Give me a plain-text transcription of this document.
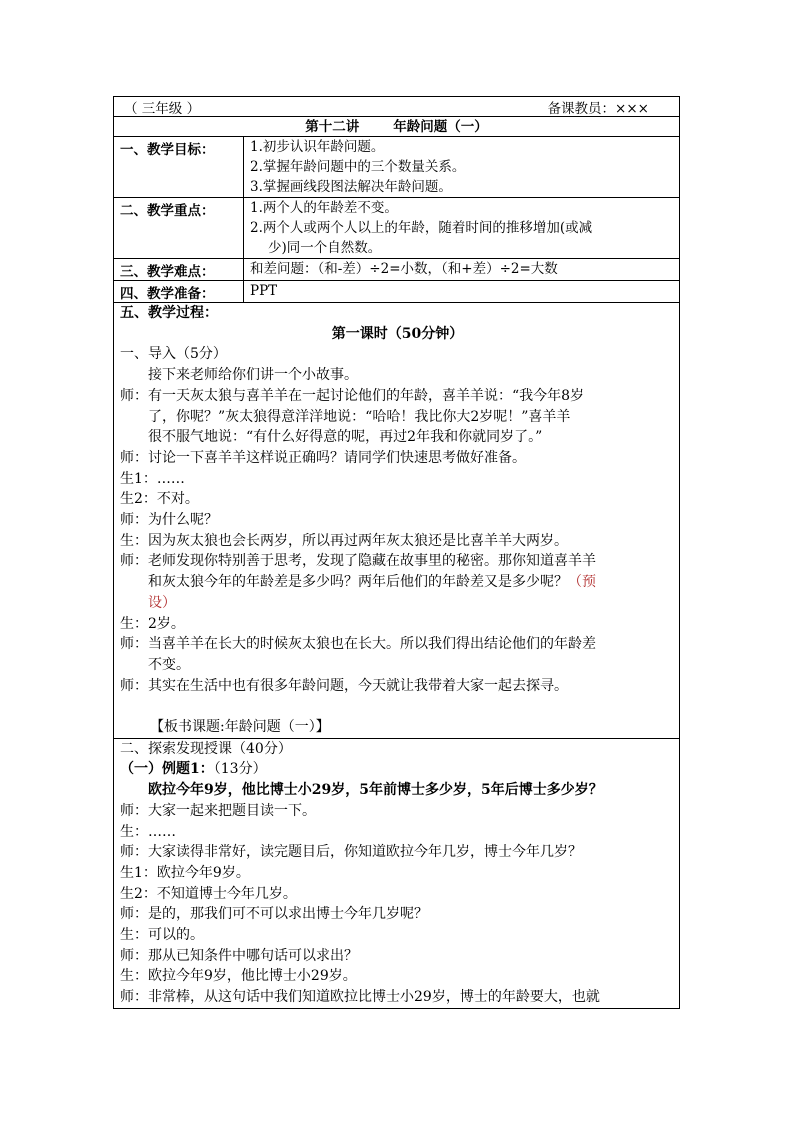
（ 三年级 ）	备课教员：×××
第十二讲	年龄问题（一）
一、教学目标：	1.初步认识年龄问题。
2.掌握年龄问题中的三个数量关系。
3.掌握画线段图法解决年龄问题。
二、教学重点：	1.两个人的年龄差不变。
2.两个人或两个人以上的年龄，随着时间的推移增加(或减
少)同一个自然数。
三、教学难点：	和差问题：（和-差）÷2=小数，（和+差）÷2=大数
四、教学准备：	PPT
五、教学过程：
第一课时（50分钟）
一、导入（5分）
接下来老师给你们讲一个小故事。
师：有一天灰太狼与喜羊羊在一起讨论他们的年龄，喜羊羊说：“我今年8岁
了，你呢？”灰太狼得意洋洋地说：“哈哈！我比你大2岁呢！”喜羊羊
很不服气地说：“有什么好得意的呢，再过2年我和你就同岁了。”
师：讨论一下喜羊羊这样说正确吗？请同学们快速思考做好准备。
生1：……
生2：不对。
师：为什么呢？
生：因为灰太狼也会长两岁，所以再过两年灰太狼还是比喜羊羊大两岁。
师：老师发现你特别善于思考，发现了隐藏在故事里的秘密。那你知道喜羊羊
和灰太狼今年的年龄差是多少吗？两年后他们的年龄差又是多少呢？（预
设）
生：2岁。
师：当喜羊羊在长大的时候灰太狼也在长大。所以我们得出结论他们的年龄差
不变。
师：其实在生活中也有很多年龄问题，今天就让我带着大家一起去探寻。
【板书课题:年龄问题（一）】
二、探索发现授课（40分）
（一）例题1：（13分）
欧拉今年9岁，他比博士小29岁，5年前博士多少岁，5年后博士多少岁？
师：大家一起来把题目读一下。
生：……
师：大家读得非常好，读完题目后，你知道欧拉今年几岁，博士今年几岁？
生1：欧拉今年9岁。
生2：不知道博士今年几岁。
师：是的，那我们可不可以求出博士今年几岁呢？
生：可以的。
师：那从已知条件中哪句话可以求出？
生：欧拉今年9岁，他比博士小29岁。
师：非常棒，从这句话中我们知道欧拉比博士小29岁，博士的年龄要大，也就
